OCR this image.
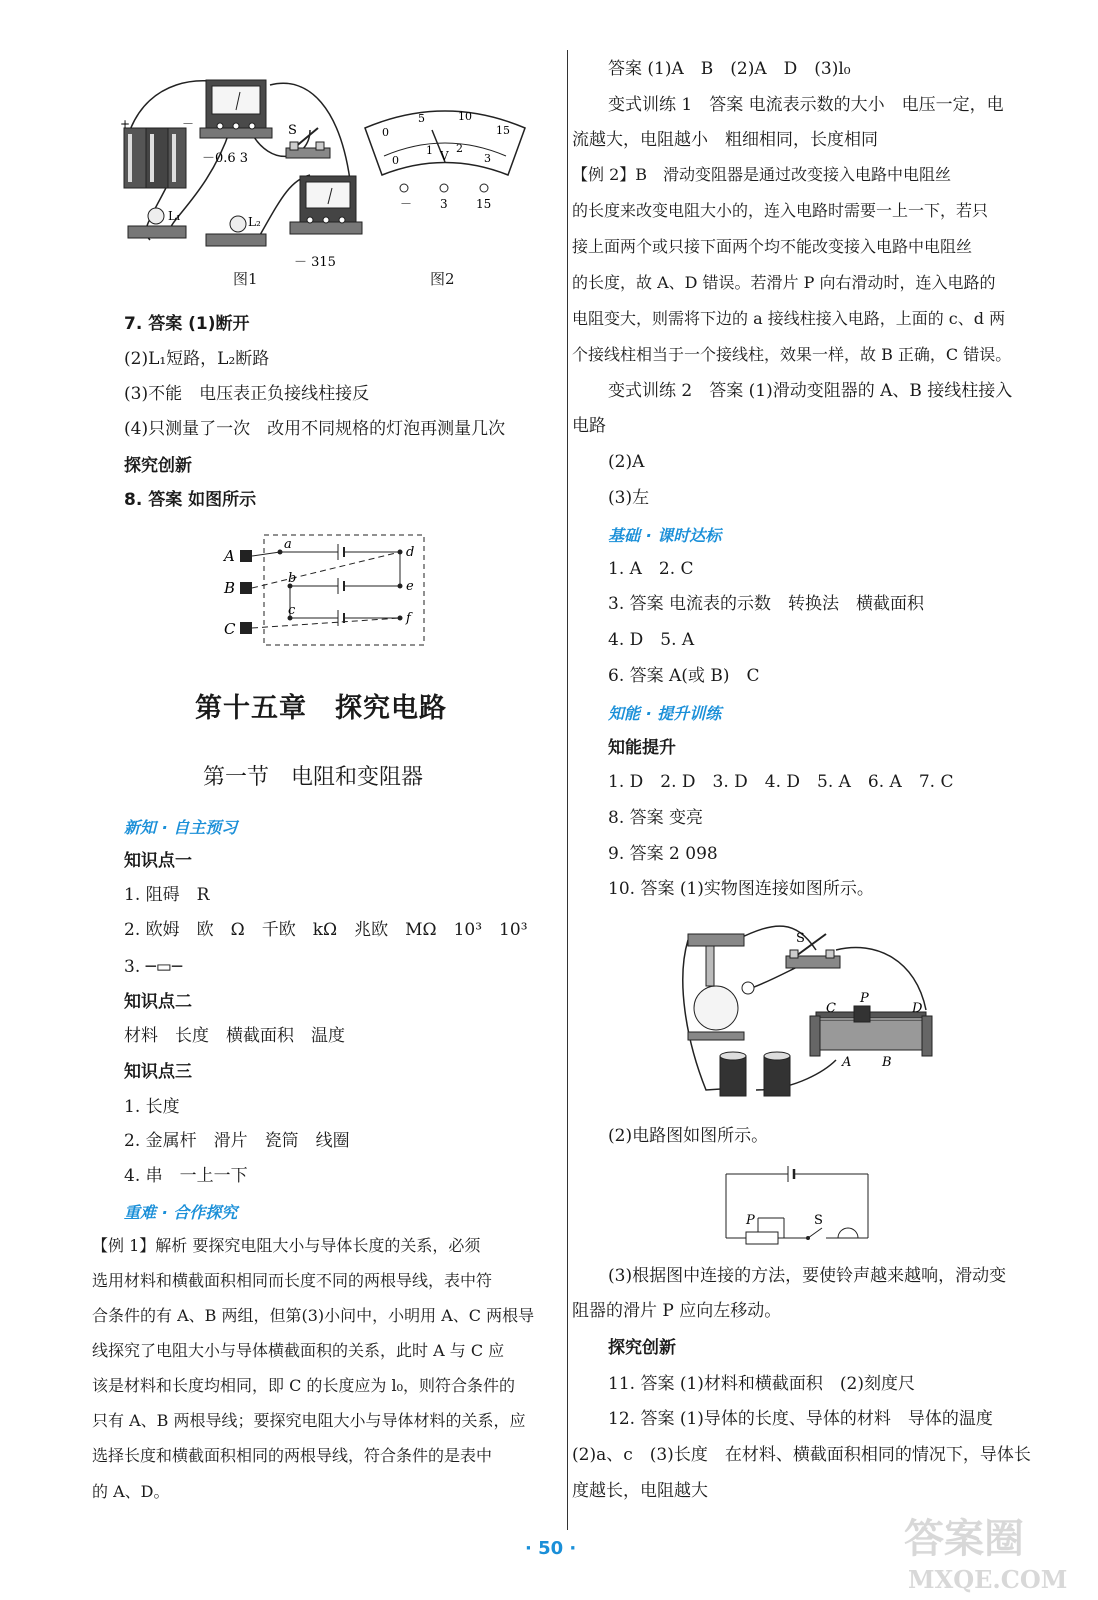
+	－
－0.6 3
S
－ 315
L₁	L₂
图1
0
5	10
15
0
1 2
3
V
－ 3 15
图2
7. 答案 (1)断开
(2)L₁短路，L₂断路
(3)不能　电压表正负接线柱接反
(4)只测量了一次　改用不同规格的灯泡再测量几次
探究创新
8. 答案 如图所示
A
B
C
a
b
c
d
e
f
第十五章　探究电路
第一节　电阻和变阻器
新知 · 自主预习
知识点一
1. 阻碍　R
2. 欧姆　欧　Ω　千欧　kΩ　兆欧　MΩ　10³　10³
3. ─▭─
知识点二
材料　长度　横截面积　温度
知识点三
1. 长度
2. 金属杆　滑片　瓷筒　线圈
4. 串　一上一下
重难 · 合作探究
【例 1】解析 要探究电阻大小与导体长度的关系，必须
选用材料和横截面积相同而长度不同的两根导线，表中符
合条件的有 A、B 两组，但第(3)小问中，小明用 A、C 两根导
线探究了电阻大小与导体横截面积的关系，此时 A 与 C 应
该是材料和长度均相同，即 C 的长度应为 l₀，则符合条件的
只有 A、B 两根导线；要探究电阻大小与导体材料的关系，应
选择长度和横截面积相同的两根导线，符合条件的是表中
的 A、D。
答案 (1)A　B　(2)A　D　(3)l₀
变式训练 1　答案 电流表示数的大小　电压一定，电
流越大，电阻越小　粗细相同，长度相同
【例 2】B　滑动变阻器是通过改变接入电路中电阻丝
的长度来改变电阻大小的，连入电路时需要一上一下，若只
接上面两个或只接下面两个均不能改变接入电路中电阻丝
的长度，故 A、D 错误。若滑片 P 向右滑动时，连入电路的
电阻变大，则需将下边的 a 接线柱接入电路，上面的 c、d 两
个接线柱相当于一个接线柱，效果一样，故 B 正确，C 错误。
变式训练 2　答案 (1)滑动变阻器的 A、B 接线柱接入
电路
(2)A
(3)左
基础 · 课时达标
1. A　2. C
3. 答案 电流表的示数　转换法　横截面积
4. D　5. A
6. 答案 A(或 B)　C
知能 · 提升训练
知能提升
1. D　2. D　3. D　4. D　5. A　6. A　7. C
8. 答案 变亮
9. 答案 2 098
10. 答案 (1)实物图连接如图所示。
S
C
P
D
A B
(2)电路图如图所示。
P	S
(3)根据图中连接的方法，要使铃声越来越响，滑动变
阻器的滑片 P 应向左移动。
探究创新
11. 答案 (1)材料和横截面积　(2)刻度尺
12. 答案 (1)导体的长度、导体的材料　导体的温度
(2)a、c　(3)长度　在材料、横截面积相同的情况下，导体长
度越长，电阻越大
· 50 ·	答案圈
MXQE.COM
